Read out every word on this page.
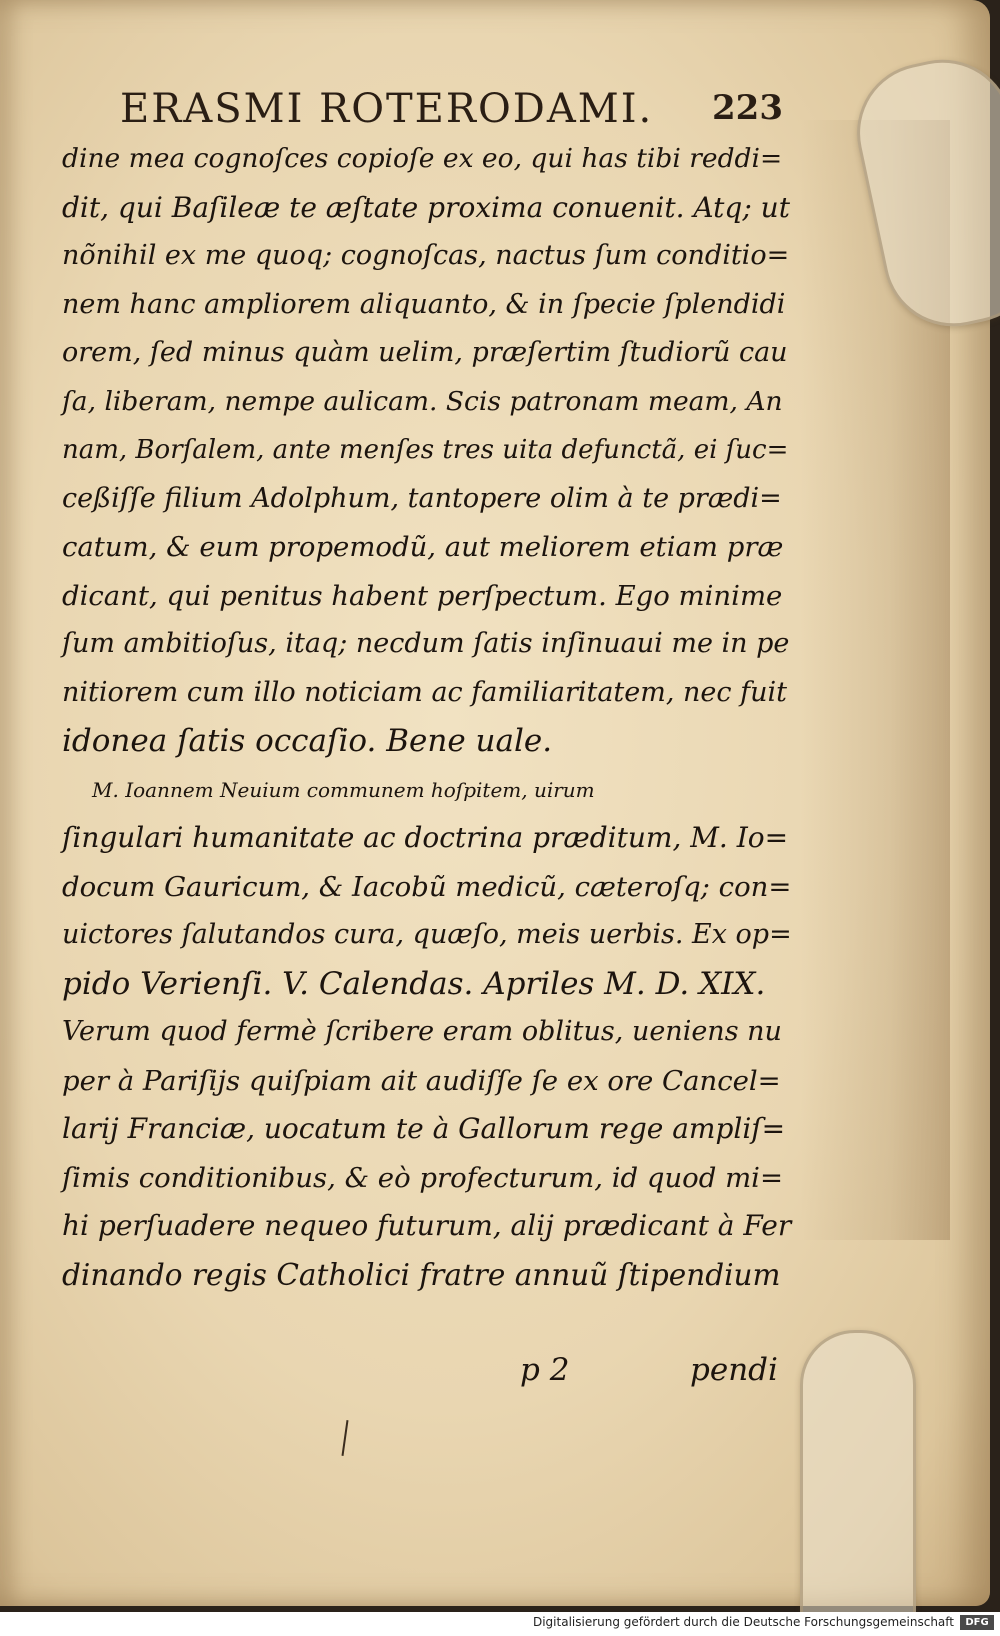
ERASMI ROTERODAMI. 223
dine mea cognoſces copioſe ex eo, qui has tibi reddi=
dit, qui Baſileæ te æſtate proxima conuenit. Atq; ut
nõnihil ex me quoq; cognoſcas, nactus ſum conditio=
nem hanc ampliorem aliquanto, & in ſpecie ſplendidi
orem, ſed minus quàm uelim, præſertim ſtudiorũ cau
ſa, liberam, nempe aulicam. Scis patronam meam, An
nam, Borſalem, ante menſes tres uita defunctã, ei ſuc=
ceßiſſe filium Adolphum, tantopere olim à te prædi=
catum, & eum propemodũ, aut meliorem etiam præ
dicant, qui penitus habent perſpectum. Ego minime
ſum ambitioſus, itaq; necdum ſatis inſinuaui me in pe
nitiorem cum illo noticiam ac familiaritatem, nec fuit
idonea ſatis occaſio. Bene uale.
M. Ioannem Neuium communem hoſpitem, uirum
ſingulari humanitate ac doctrina præditum, M. Io=
docum Gauricum, & Iacobũ medicũ, cæteroſq; con=
uictores ſalutandos cura, quæſo, meis uerbis. Ex op=
pido Verienſi. V. Calendas. Apriles M. D. XIX.
Verum quod fermè ſcribere eram oblitus, ueniens nu
per à Pariſijs quiſpiam ait audiſſe ſe ex ore Cancel=
larij Franciæ, uocatum te à Gallorum rege ampliſ=
ſimis conditionibus, & eò profecturum, id quod mi=
hi perſuadere nequeo futurum, alij prædicant à Fer
dinando regis Catholici fratre annuũ ſtipendium
p 2	pendi
Digitalisierung gefördert durch die Deutsche Forschungsgemeinschaft	DFG
